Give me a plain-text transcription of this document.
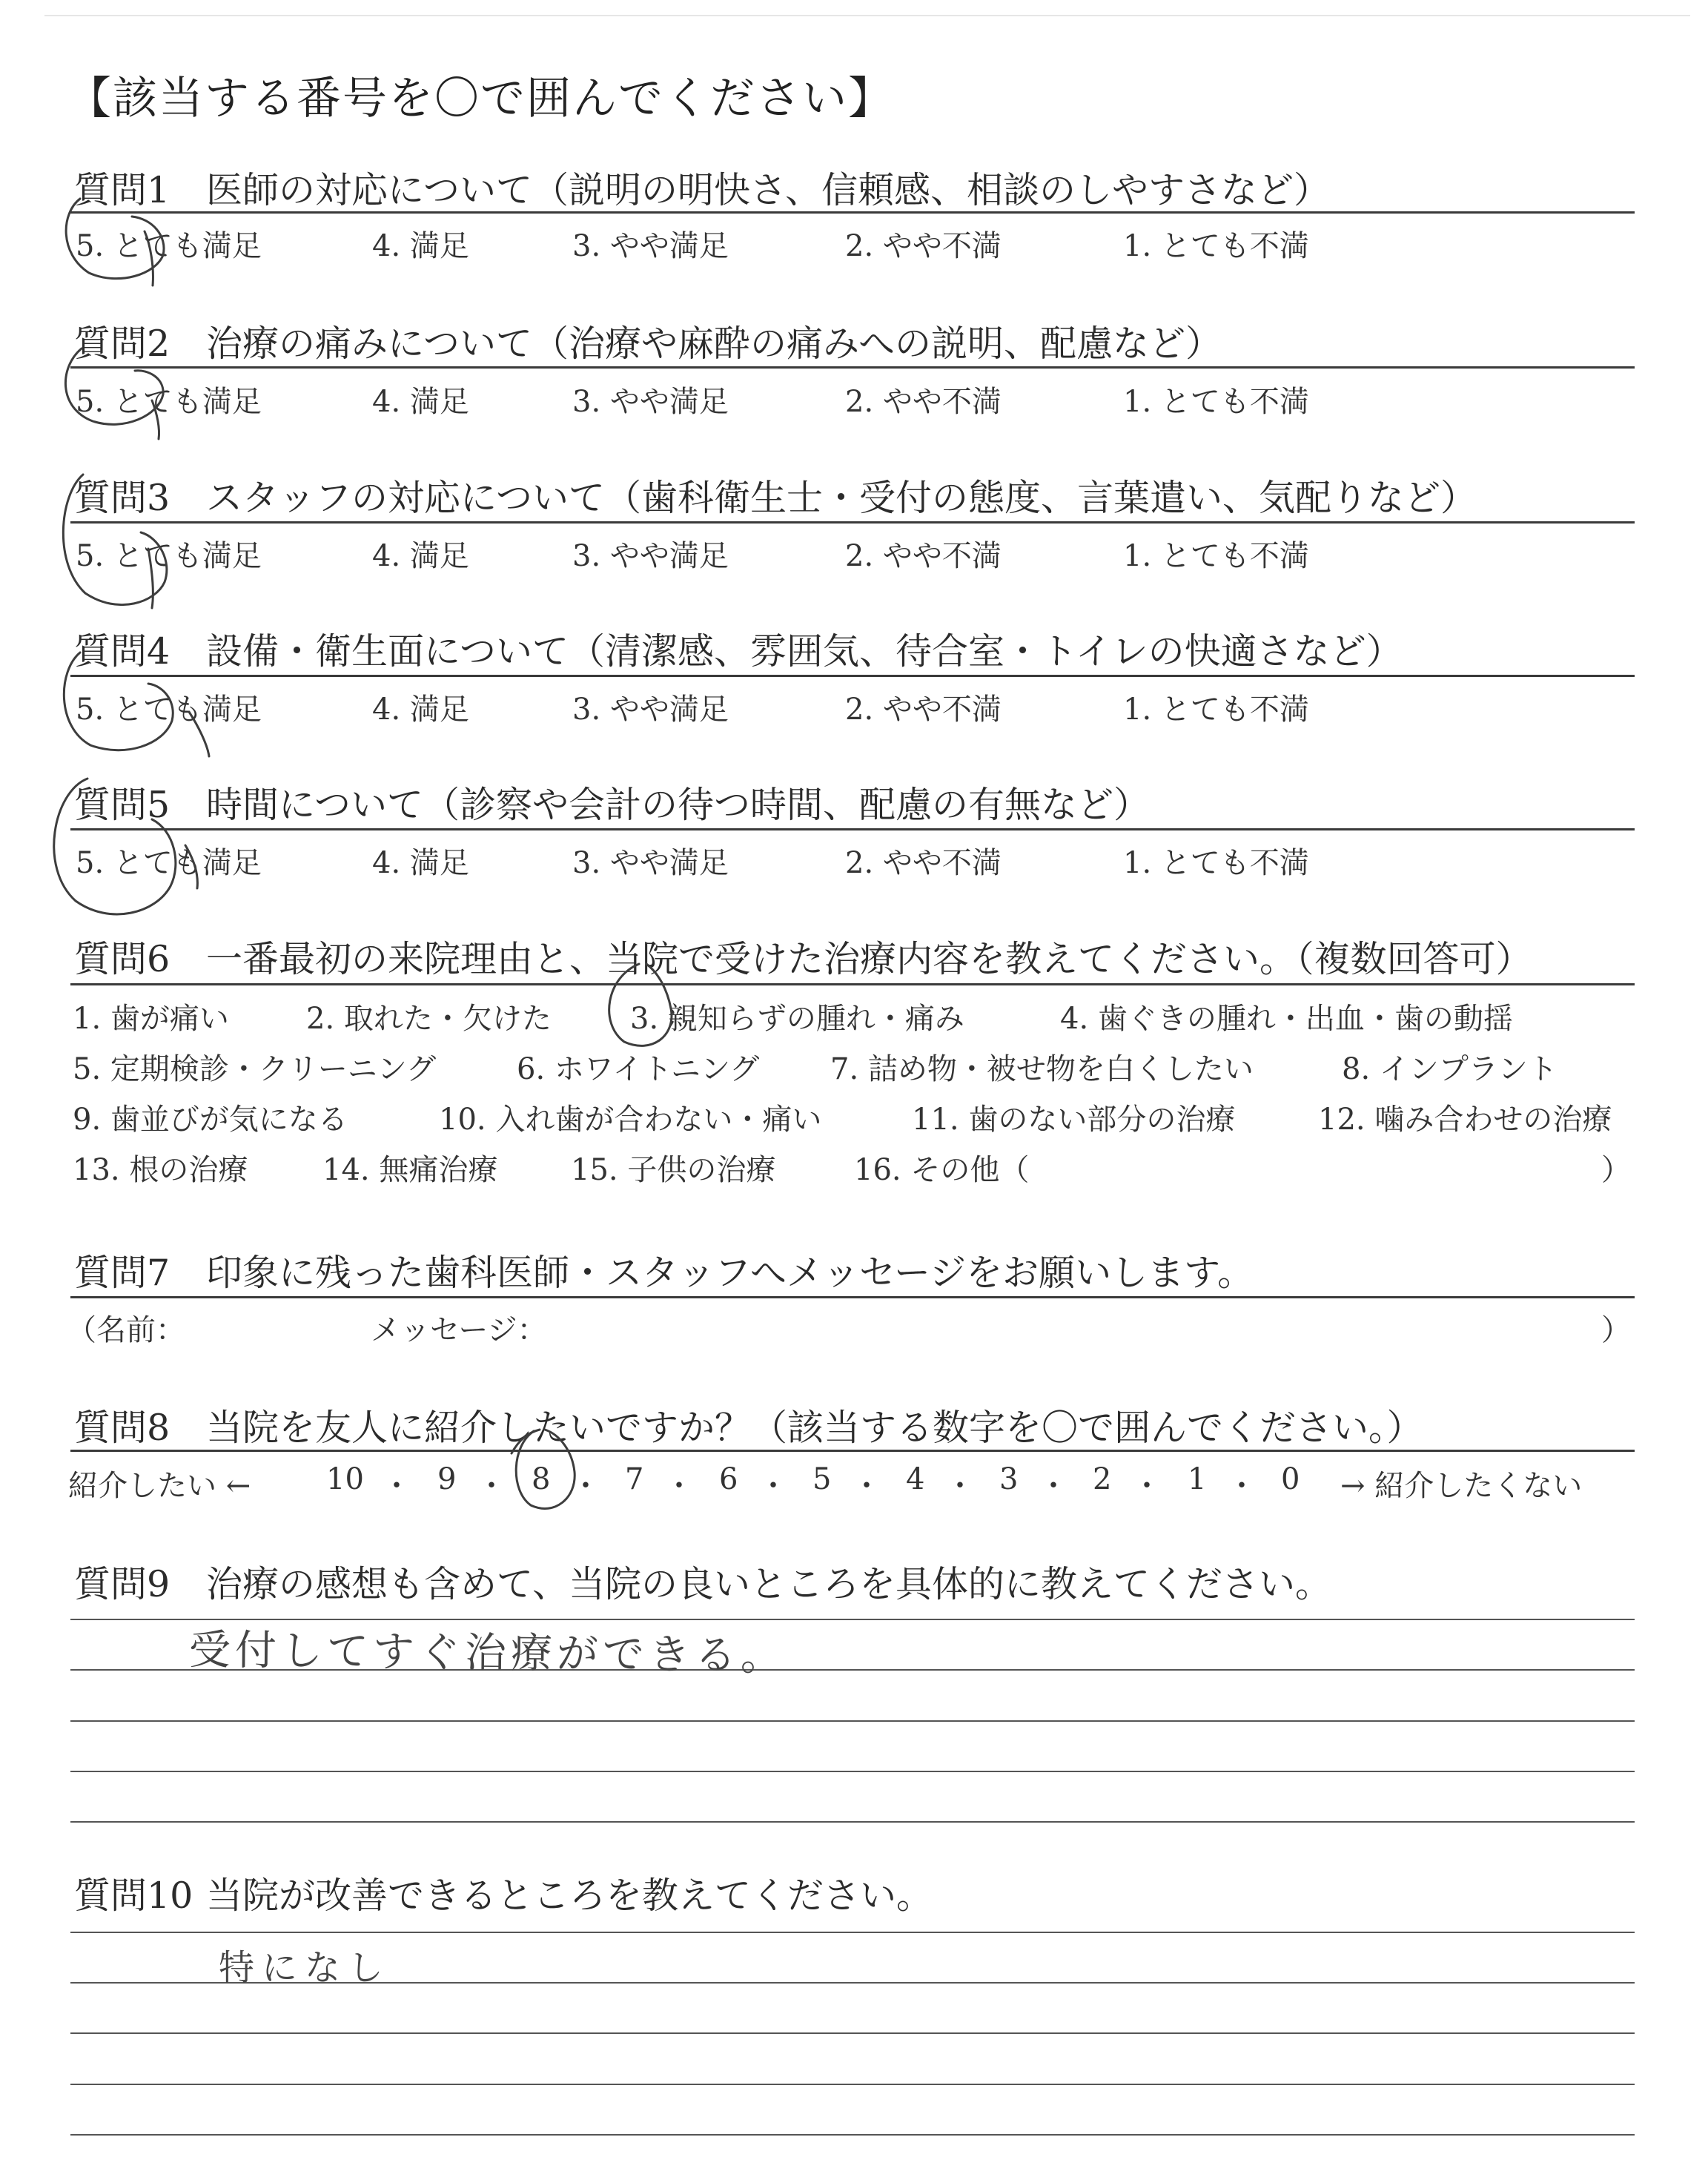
【該当する番号を〇で囲んでください】
質問1 医師の対応について（説明の明快さ、信頼感、相談のしやすさなど）
5. とても満足	4. 満足	3. やや満足	2. やや不満	1. とても不満
質問2 治療の痛みについて（治療や麻酔の痛みへの説明、配慮など）
5. とても満足	4. 満足	3. やや満足	2. やや不満	1. とても不満
質問3 スタッフの対応について（歯科衛生士・受付の態度、言葉遣い、気配りなど）
5. とても満足	4. 満足	3. やや満足	2. やや不満	1. とても不満
質問4 設備・衛生面について（清潔感、雰囲気、待合室・トイレの快適さなど）
5. とても満足	4. 満足	3. やや満足	2. やや不満	1. とても不満
質問5 時間について（診察や会計の待つ時間、配慮の有無など）
5. とても満足	4. 満足	3. やや満足	2. やや不満	1. とても不満
質問6 一番最初の来院理由と、当院で受けた治療内容を教えてください。（複数回答可）
1. 歯が痛い	2. 取れた・欠けた	3. 親知らずの腫れ・痛み	4. 歯ぐきの腫れ・出血・歯の動揺
5. 定期検診・クリーニング	6. ホワイトニング 7. 詰め物・被せ物を白くしたい	8. インプラント
9. 歯並びが気になる	10. 入れ歯が合わない・痛い	11. 歯のない部分の治療	12. 噛み合わせの治療
13. 根の治療	14. 無痛治療 15. 子供の治療	16. その他（	）
質問7 印象に残った歯科医師・スタッフへメッセージをお願いします。
（名前：	メッセージ：	）
質問8 当院を友人に紹介したいですか？（該当する数字を〇で囲んでください。）
紹介したい ←	→ 紹介したくない
10 ・ 9 ・ 8 ・ 7 ・ 6 ・ 5 ・ 4 ・ 3 ・ 2 ・ 1 ・ 0
質問9 治療の感想も含めて、当院の良いところを具体的に教えてください。
受付してすぐ治療ができる。
質問10 当院が改善できるところを教えてください。
特になし
